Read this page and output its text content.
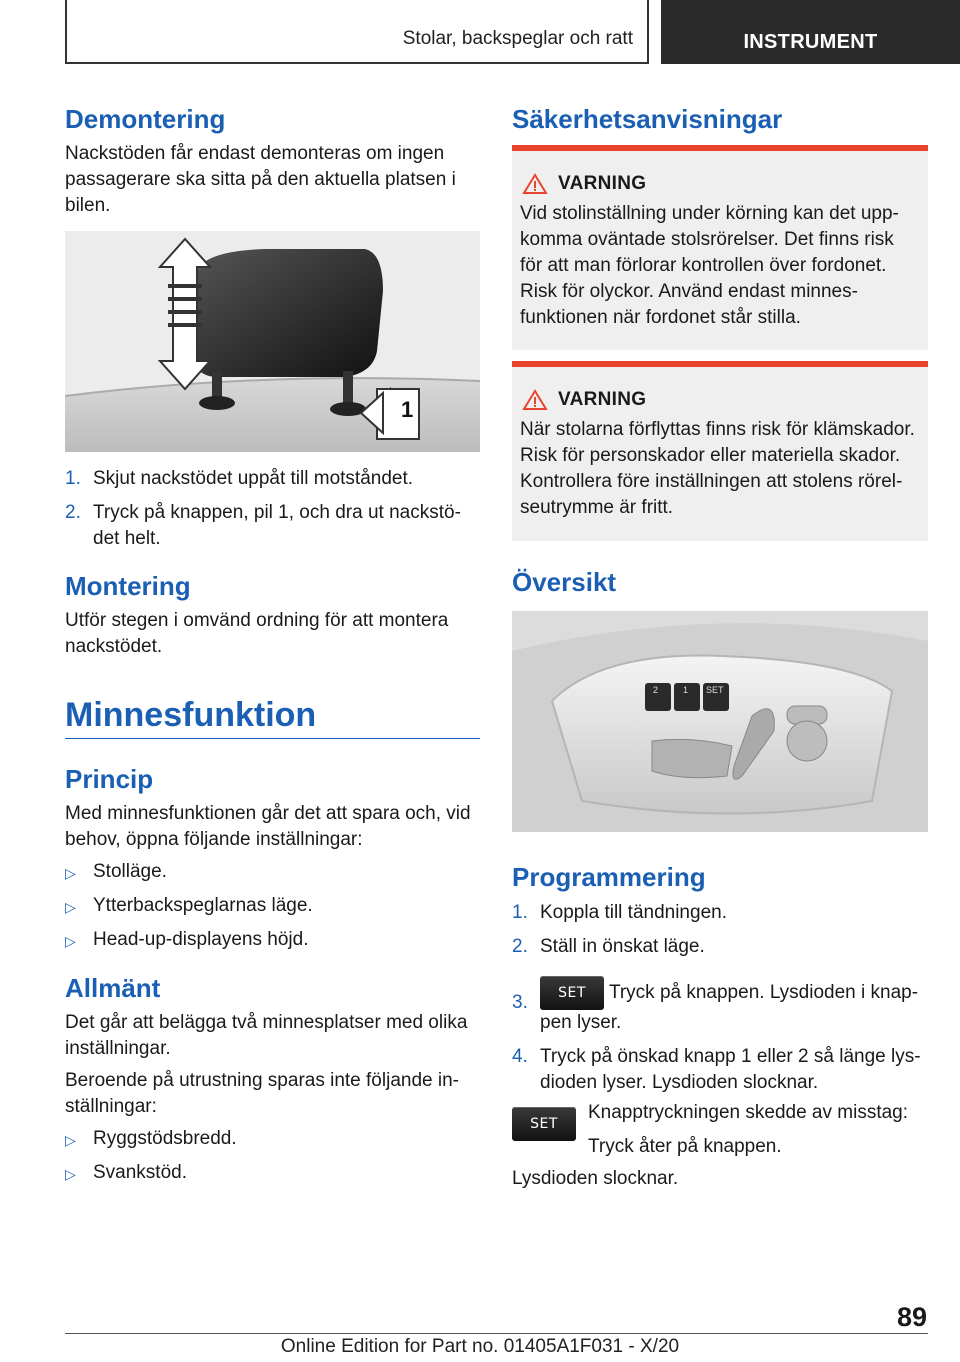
Stolar, backspeglar och ratt	INSTRUMENT
Demontering

Nackstöden får endast demonteras om ingen passagerare ska sitta på den aktuella platsen i bilen.

1
1. Skjut nackstödet uppåt till motståndet.
2. Tryck på knappen, pil 1, och dra ut nackstödet helt.
Montering

Utför stegen i omvänd ordning för att montera nackstödet.

Minnesfunktion
Princip

Med minnesfunktionen går det att spara och, vid behov, öppna följande inställningar:

▷ Stolläge.
▷ Ytterbackspeglarnas läge.
▷ Head-up-displayens höjd.
Allmänt

Det går att belägga två minnesplatser med olika inställningar.

Beroende på utrustning sparas inte följande inställningar:

▷ Ryggstödsbredd.
▷ Svankstöd.
Säkerhetsanvisningar
VARNING
Vid stolinställning under körning kan det uppkomma oväntade stolsrörelser. Det finns risk för att man förlorar kontrollen över fordonet. Risk för olyckor. Använd endast minnes-funktionen när fordonet står stilla.
VARNING
När stolarna förflyttas finns risk för klämskador. Risk för personskador eller materiella skador. Kontrollera före inställningen att stolens rörelseutrymme är fritt.
Översikt
2	1 SET
Programmering
1. Koppla till tändningen.
2. Ställ in önskat läge.
3. SET Tryck på knappen. Lysdioden i knappen lyser.
4. Tryck på önskad knapp 1 eller 2 så länge lysdioden lyser. Lysdioden slocknar.
SET

Knapptryckningen skedde av misstag:

Tryck åter på knappen.

Lysdioden slocknar.

89
Online Edition for Part no. 01405A1F031 - X/20
